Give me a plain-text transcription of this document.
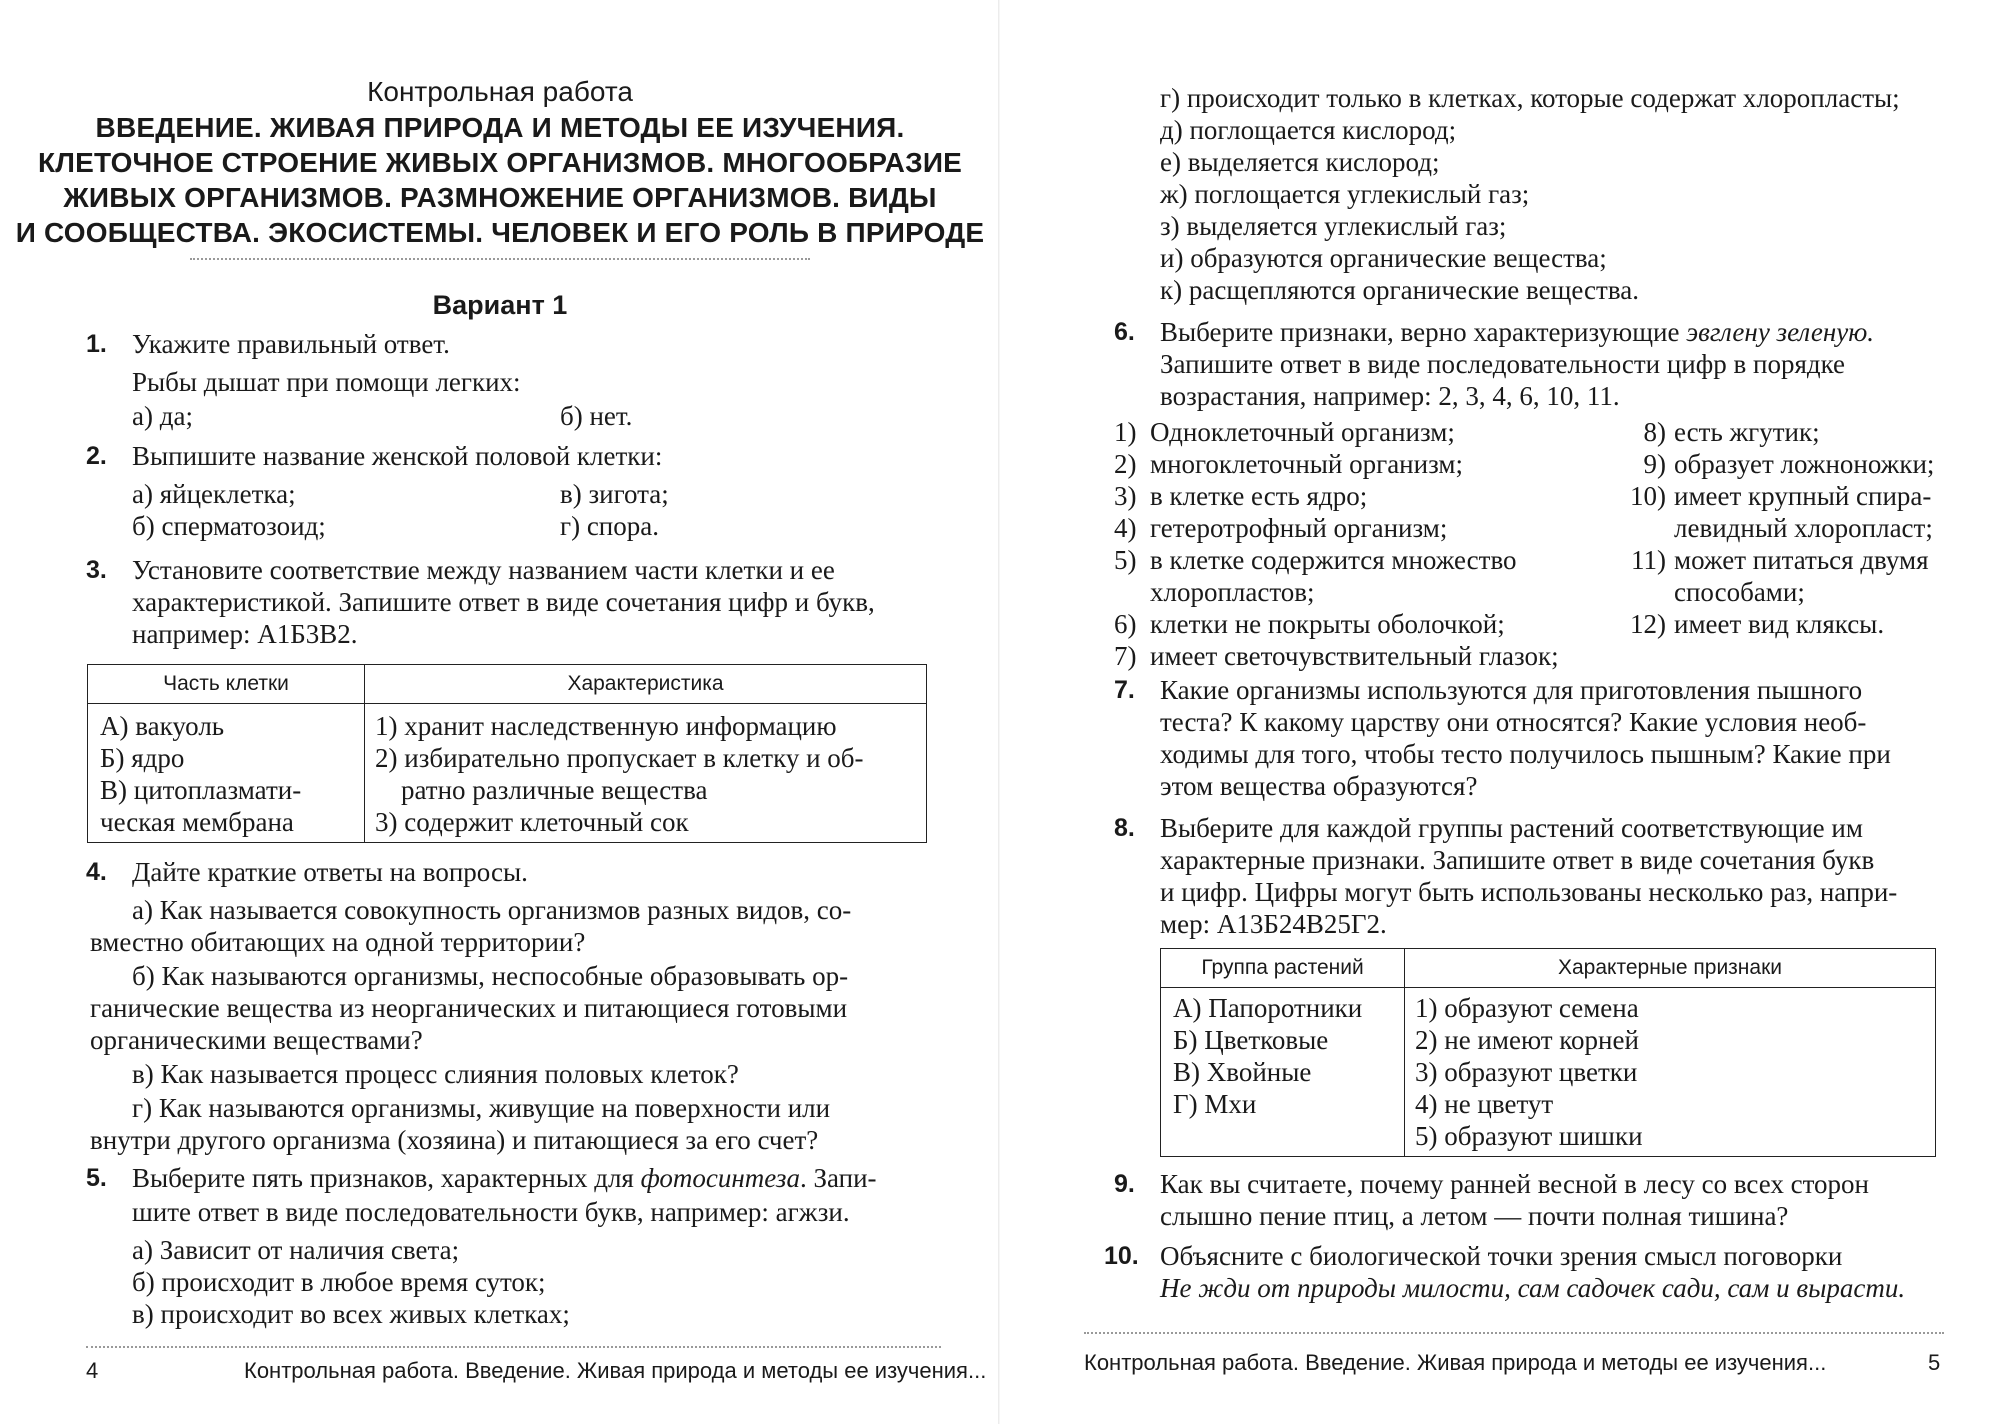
Контрольная работа
ВВЕДЕНИЕ. ЖИВАЯ ПРИРОДА И МЕТОДЫ ЕЕ ИЗУЧЕНИЯ.
КЛЕТОЧНОЕ СТРОЕНИЕ ЖИВЫХ ОРГАНИЗМОВ. МНОГООБРАЗИЕ
ЖИВЫХ ОРГАНИЗМОВ. РАЗМНОЖЕНИЕ ОРГАНИЗМОВ. ВИДЫ
И СООБЩЕСТВА. ЭКОСИСТЕМЫ. ЧЕЛОВЕК И ЕГО РОЛЬ В ПРИРОДЕ
Вариант 1
1. Укажите правильный ответ.
Рыбы дышат при помощи легких:
а) да;	б) нет.
2. Выпишите название женской половой клетки:
а) яйцеклетка;	в) зигота;
б) сперматозоид;	г) спора.
3. Установите соответствие между названием части клетки и ее
характеристикой. Запишите ответ в виде сочетания цифр и букв,
например: А1Б3В2.
Часть клетки	Характеристика

А) вакуоль
Б) ядро
В) цитоплазмати-
ческая мембрана	1) хранит наследственную информацию
2) избирательно пропускает в клетку и об-
ратно различные вещества
3) содержит клеточный сок
4. Дайте краткие ответы на вопросы.
а) Как называется совокупность организмов разных видов, со-
вместно обитающих на одной территории?
б) Как называются организмы, неспособные образовывать ор-
ганические вещества из неорганических и питающиеся готовыми
органическими веществами?
в) Как называется процесс слияния половых клеток?
г) Как называются организмы, живущие на поверхности или
внутри другого организма (хозяина) и питающиеся за его счет?
5. Выберите пять признаков, характерных для фотосинтеза. Запи-
шите ответ в виде последовательности букв, например: агжзи.
а) Зависит от наличия света;
б) происходит в любое время суток;
в) происходит во всех живых клетках;
4	Контрольная работа. Введение. Живая природа и методы ее изучения...
г) происходит только в клетках, которые содержат хлоропласты;
д) поглощается кислород;
е) выделяется кислород;
ж) поглощается углекислый газ;
з) выделяется углекислый газ;
и) образуются органические вещества;
к) расщепляются органические вещества.
6. Выберите признаки, верно характеризующие эвглену зеленую.
Запишите ответ в виде последовательности цифр в порядке
возрастания, например: 2, 3, 4, 6, 10, 11.
1) Одноклеточный организм;
2) многоклеточный организм;
3) в клетке есть ядро;
4) гетеротрофный организм;
5) в клетке содержится множество
хлоропластов;
6) клетки не покрыты оболочкой;
7) имеет светочувствительный глазок;
8) есть жгутик;
9) образует ложноножки;
10) имеет крупный спира-
левидный хлоропласт;
11) может питаться двумя
способами;
12) имеет вид кляксы.
7. Какие организмы используются для приготовления пышного
теста? К какому царству они относятся? Какие условия необ-
ходимы для того, чтобы тесто получилось пышным? Какие при
этом вещества образуются?
8. Выберите для каждой группы растений соответствующие им
характерные признаки. Запишите ответ в виде сочетания букв
и цифр. Цифры могут быть использованы несколько раз, напри-
мер: А13Б24В25Г2.
Группа растений	Характерные признаки

А) Папоротники
Б) Цветковые
В) Хвойные
Г) Мхи	1) образуют семена
2) не имеют корней
3) образуют цветки
4) не цветут
5) образуют шишки
9. Как вы считаете, почему ранней весной в лесу со всех сторон
слышно пение птиц, а летом — почти полная тишина?
10. Объясните с биологической точки зрения смысл поговорки
Не жди от природы милости, сам садочек сади, сам и вырасти.
Контрольная работа. Введение. Живая природа и методы ее изучения...	5
